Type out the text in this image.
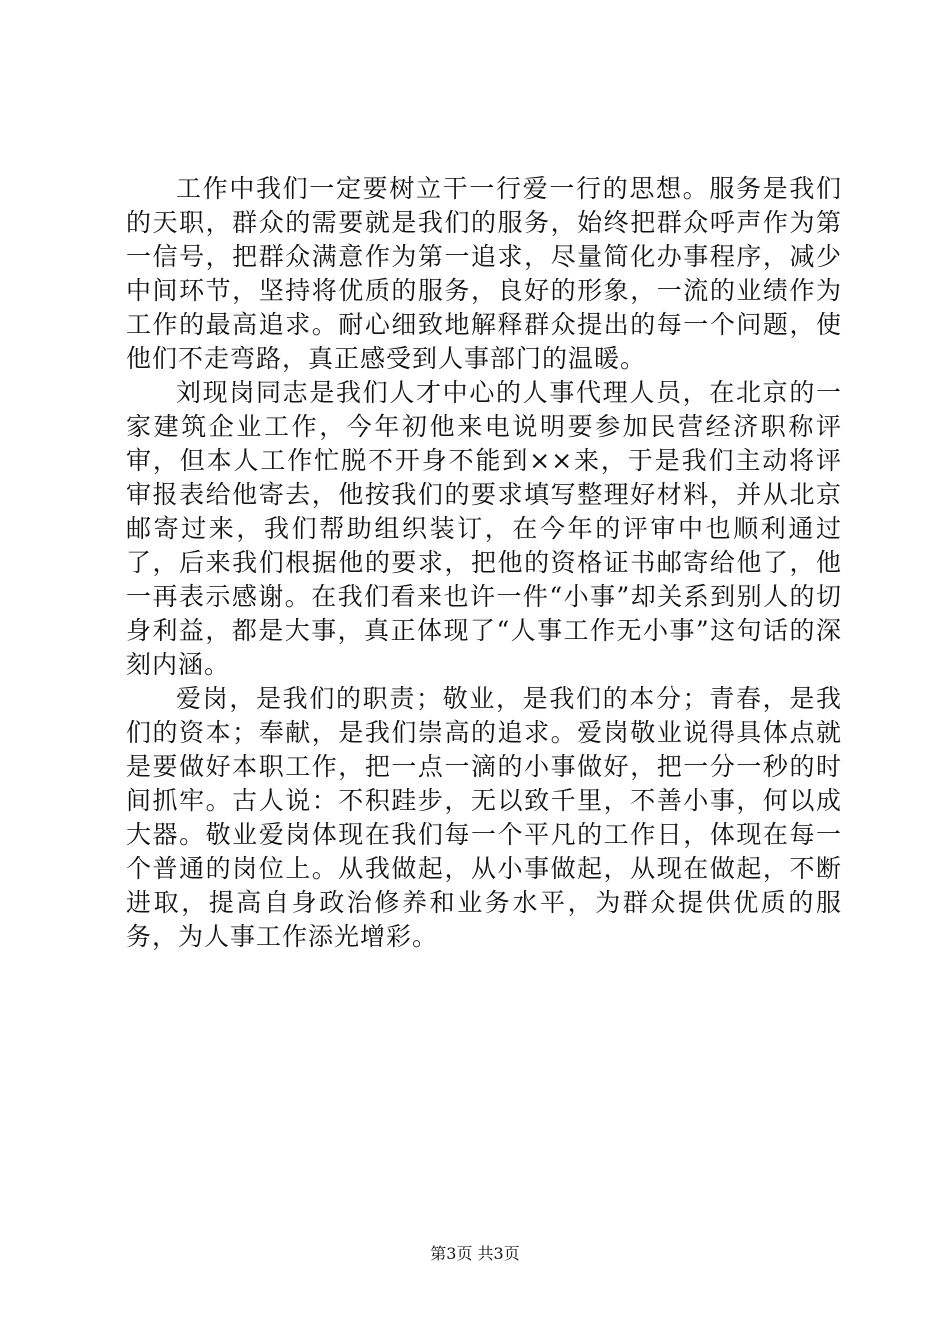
工作中我们一定要树立干一行爱一行的思想。服务是我们的天职，群众的需要就是我们的服务，始终把群众呼声作为第一信号，把群众满意作为第一追求，尽量简化办事程序，减少中间环节，坚持将优质的服务，良好的形象，一流的业绩作为工作的最高追求。耐心细致地解释群众提出的每一个问题，使他们不走弯路，真正感受到人事部门的温暖。

刘现岗同志是我们人才中心的人事代理人员，在北京的一家建筑企业工作，今年初他来电说明要参加民营经济职称评审，但本人工作忙脱不开身不能到××来，于是我们主动将评审报表给他寄去，他按我们的要求填写整理好材料，并从北京邮寄过来，我们帮助组织装订，在今年的评审中也顺利通过了，后来我们根据他的要求，把他的资格证书邮寄给他了，他一再表示感谢。在我们看来也许一件“小事”却关系到别人的切身利益，都是大事，真正体现了“人事工作无小事”这句话的深刻内涵。

爱岗，是我们的职责；敬业，是我们的本分；青春，是我们的资本；奉献，是我们崇高的追求。爱岗敬业说得具体点就是要做好本职工作，把一点一滴的小事做好，把一分一秒的时间抓牢。古人说：不积跬步，无以致千里，不善小事，何以成大器。敬业爱岗体现在我们每一个平凡的工作日，体现在每一个普通的岗位上。从我做起，从小事做起，从现在做起，不断进取，提高自身政治修养和业务水平，为群众提供优质的服务，为人事工作添光增彩。

第3页 共3页
